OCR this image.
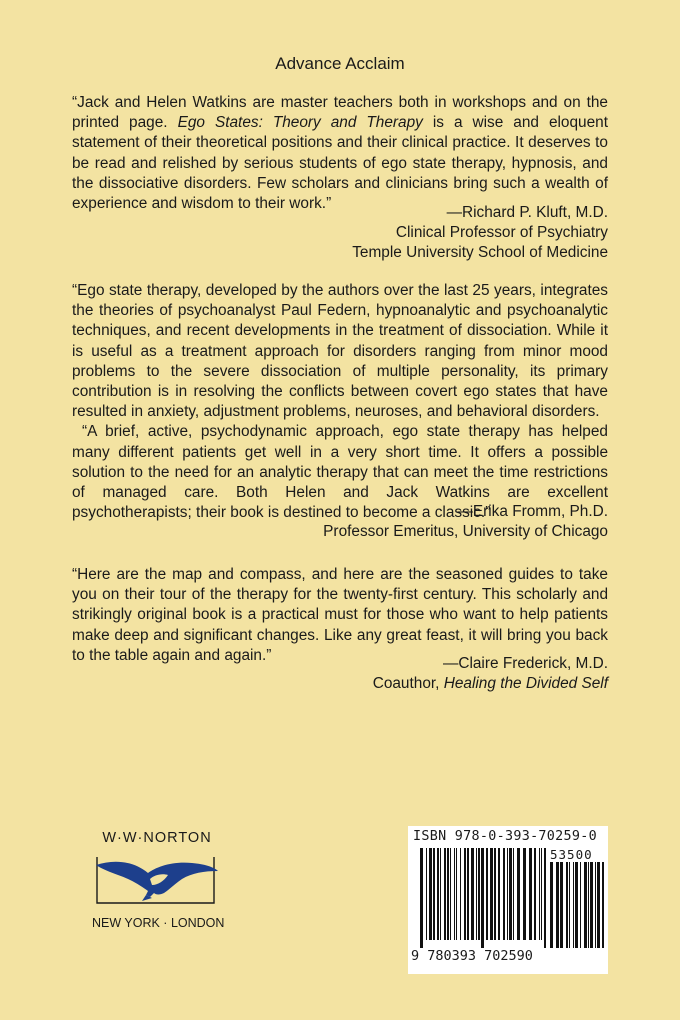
Advance Acclaim

“Jack and Helen Watkins are master teachers both in workshops and on the printed page. Ego States: Theory and Therapy is a wise and eloquent statement of their theoretical positions and their clinical practice. It deserves to be read and relished by serious students of ego state therapy, hypnosis, and the dissociative disorders. Few scholars and clinicians bring such a wealth of experience and wisdom to their work.”

—Richard P. Kluft, M.D.
Clinical Professor of Psychiatry
Temple University School of Medicine

“Ego state therapy, developed by the authors over the last 25 years, integrates the theories of psychoanalyst Paul Federn, hypnoanalytic and psychoanalytic techniques, and recent developments in the treatment of dissociation. While it is useful as a treatment approach for disorders ranging from minor mood problems to the severe dissociation of multiple personality, its primary contribution is in resolving the conflicts between covert ego states that have resulted in anxiety, adjustment problems, neuroses, and behavioral disorders.

“A brief, active, psychodynamic approach, ego state therapy has helped many different patients get well in a very short time. It offers a possible solution to the need for an analytic therapy that can meet the time restrictions of managed care. Both Helen and Jack Watkins are excellent psychotherapists; their book is destined to become a classic.”

—Erika Fromm, Ph.D.
Professor Emeritus, University of Chicago

“Here are the map and compass, and here are the seasoned guides to take you on their tour of the therapy for the twenty-first century. This scholarly and strikingly original book is a practical must for those who want to help patients make deep and significant changes. Like any great feast, it will bring you back to the table again and again.”	—Claire Frederick, M.D.
Coauthor, Healing the Divided Self
W·W·NORTON
NEW YORK · LONDON
ISBN 978-0-393-70259-0
53500
9 780393 702590
